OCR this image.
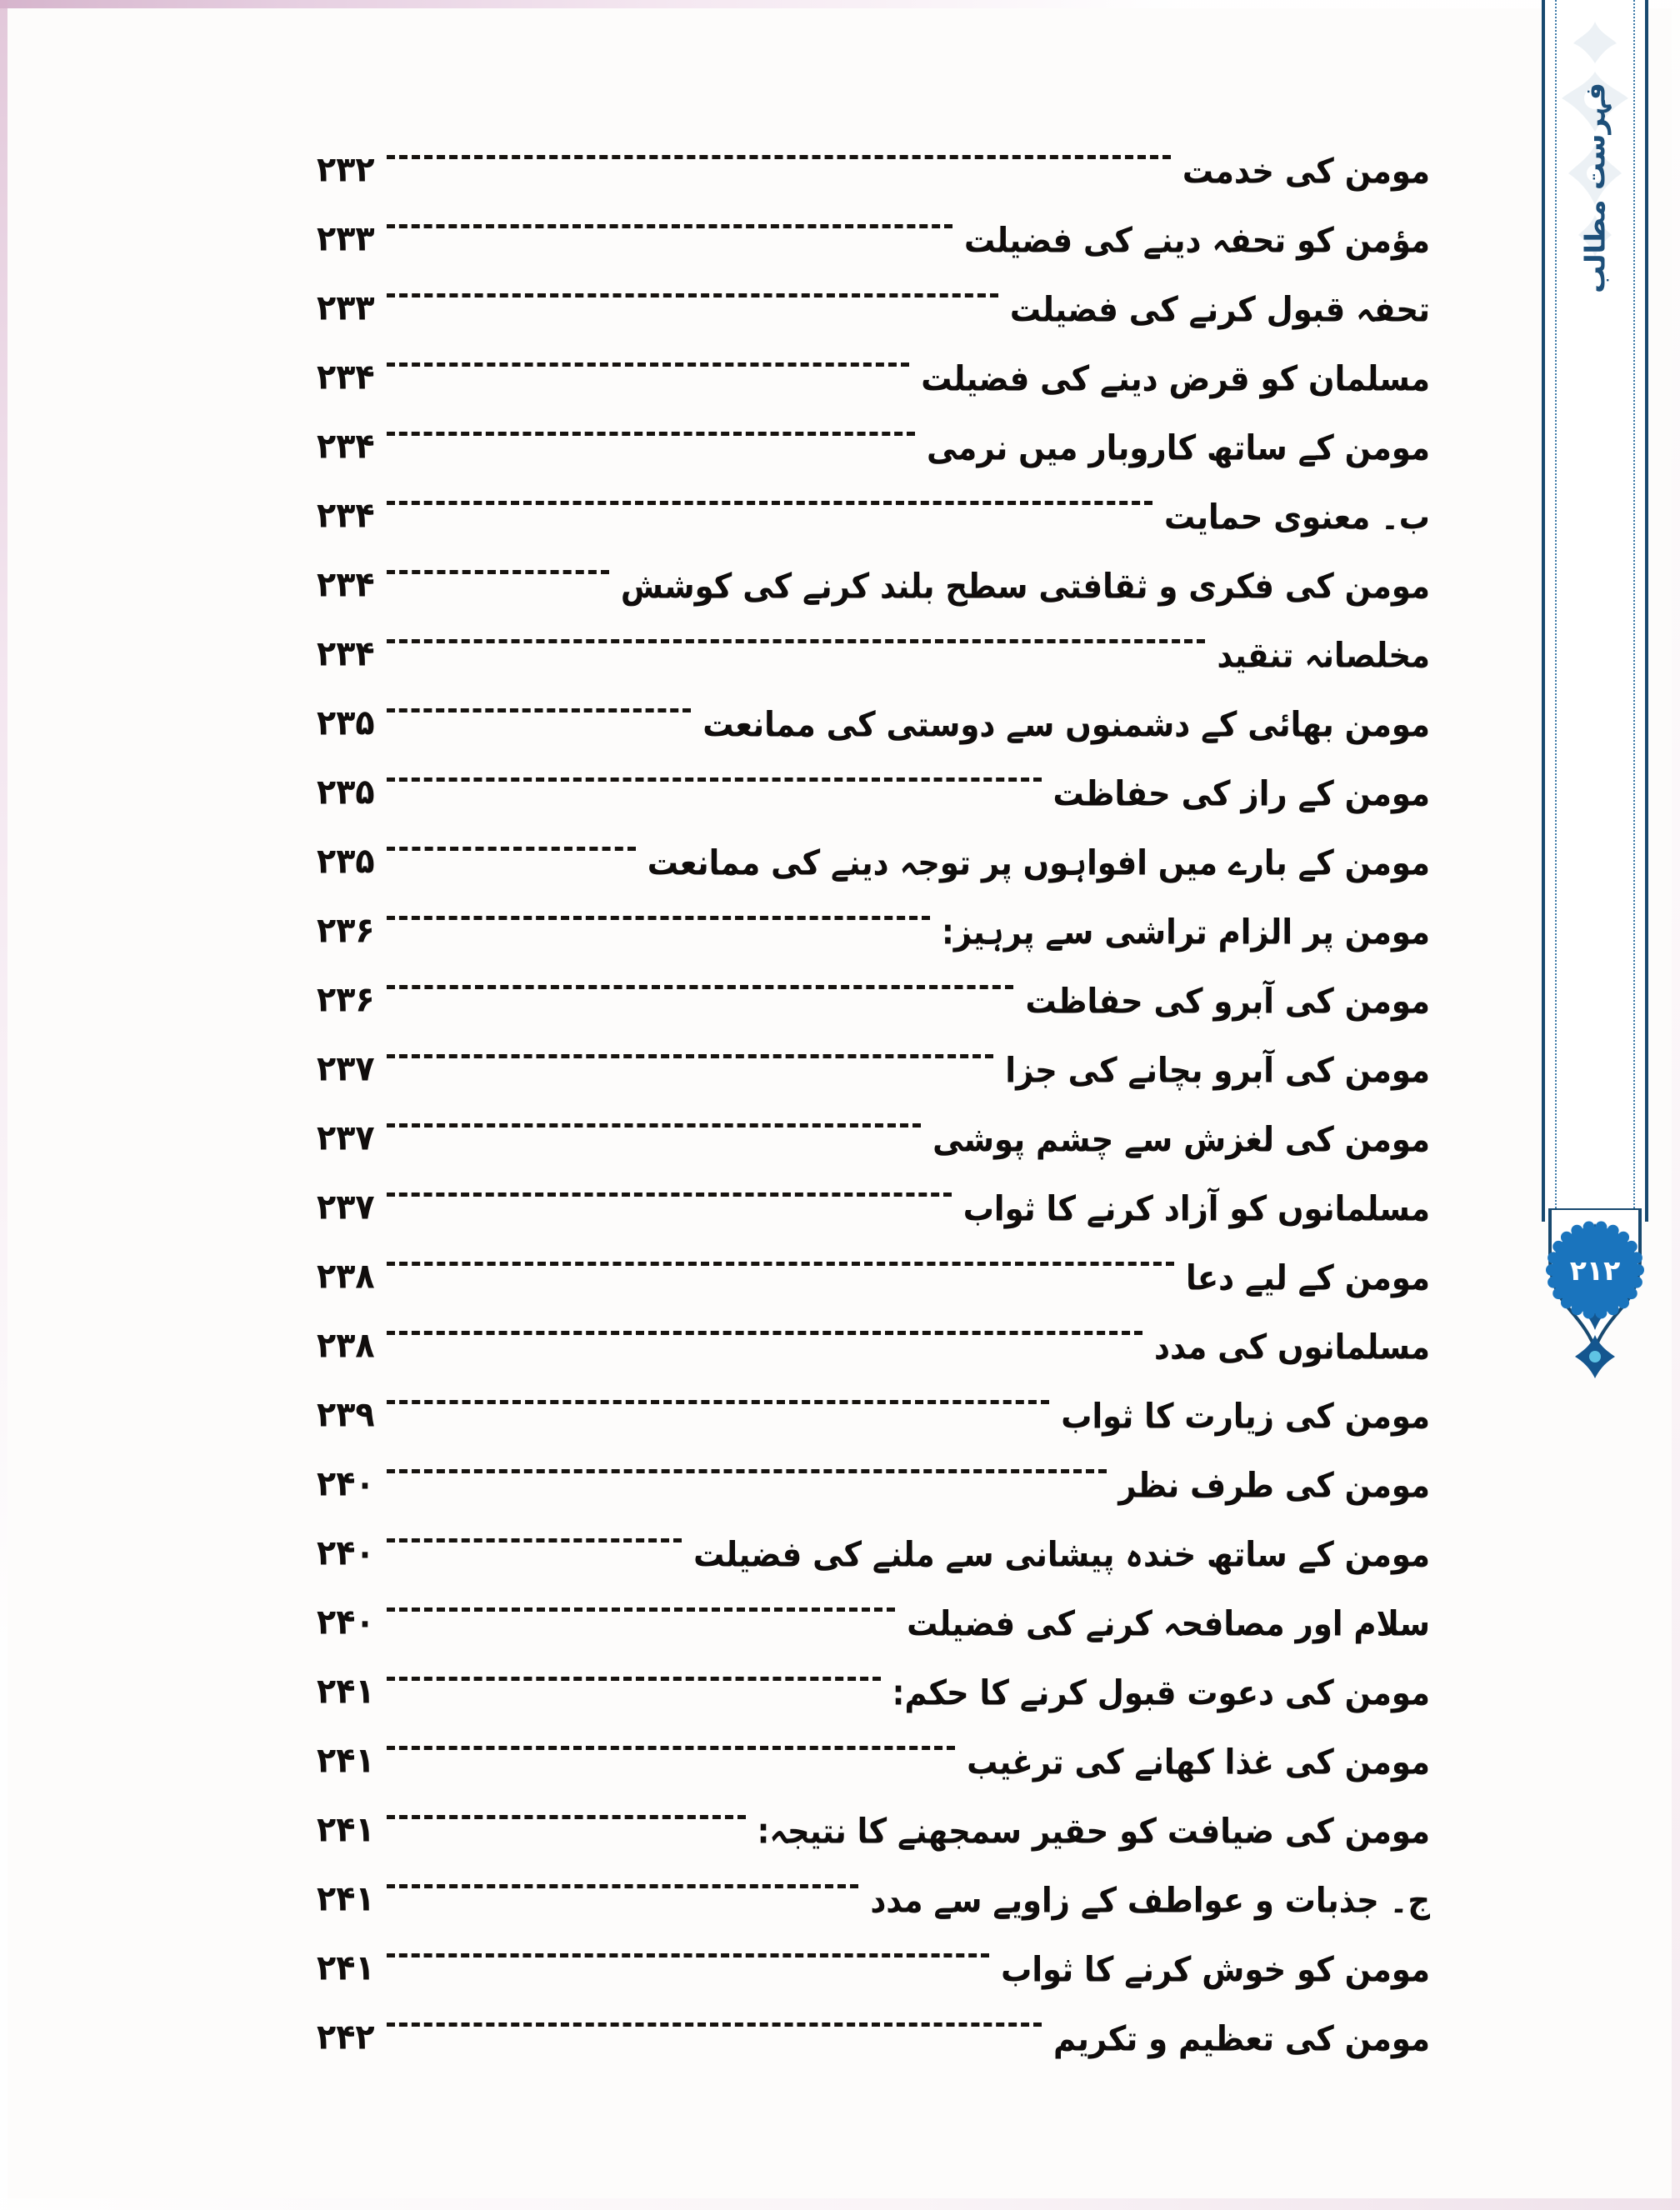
مومن کی خدمت
۲۳۲
مؤمن کو تحفہ دینے کی فضیلت
۲۳۳
تحفہ قبول کرنے کی فضیلت
۲۳۳
مسلمان کو قرض دینے کی فضیلت
۲۳۴
مومن کے ساتھ کاروبار میں نرمی
۲۳۴
ب۔ معنوی حمایت
۲۳۴
مومن کی فکری و ثقافتی سطح بلند کرنے کی کوشش
۲۳۴
مخلصانہ تنقید
۲۳۴
مومن بھائی کے دشمنوں سے دوستی کی ممانعت
۲۳۵
مومن کے راز کی حفاظت
۲۳۵
مومن کے بارے میں افواہوں پر توجہ دینے کی ممانعت
۲۳۵
مومن پر الزام تراشی سے پرہیز:
۲۳۶
مومن کی آبرو کی حفاظت
۲۳۶
مومن کی آبرو بچانے کی جزا
۲۳۷
مومن کی لغزش سے چشم پوشی
۲۳۷
مسلمانوں کو آزاد کرنے کا ثواب
۲۳۷
مومن کے لیے دعا
۲۳۸
مسلمانوں کی مدد
۲۳۸
مومن کی زیارت کا ثواب
۲۳۹
مومن کی طرف نظر
۲۴۰
مومن کے ساتھ خندہ پیشانی سے ملنے کی فضیلت
۲۴۰
سلام اور مصافحہ کرنے کی فضیلت
۲۴۰
مومن کی دعوت قبول کرنے کا حکم:
۲۴۱
مومن کی غذا کھانے کی ترغیب
۲۴۱
مومن کی ضیافت کو حقیر سمجھنے کا نتیجہ:
۲۴۱
ج۔ جذبات و عواطف کے زاویے سے مدد
۲۴۱
مومن کو خوش کرنے کا ثواب
۲۴۱
مومن کی تعظیم و تکریم
۲۴۲
فہرست مطالب
۲۱۲
